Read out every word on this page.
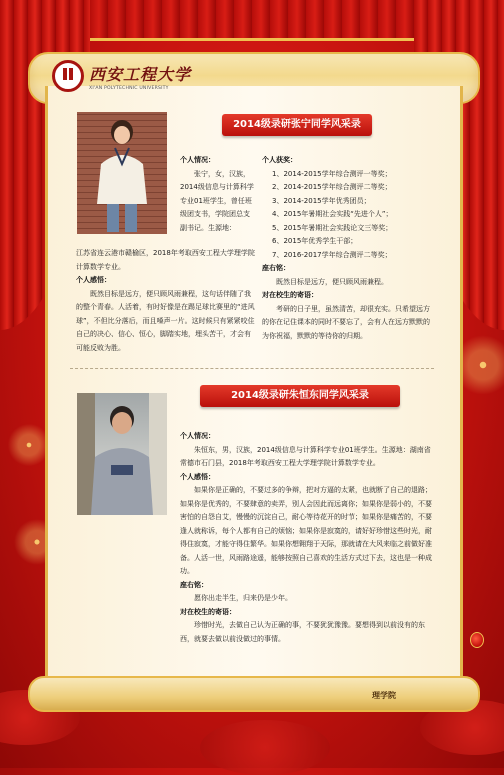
西安工程大学
XI'AN POLYTECHNIC UNIVERSITY
2014级录研张宁同学风采录

个人情况：

张宁，女，汉族，2014级信息与计算科学专业01班学生，曾任班级团支书，学院团总支副书记。生源地：

江苏省连云港市赣榆区，2018年考取西安工程大学理学院计算数学专业。

个人感悟：

既然目标是远方，便只顾风雨兼程，这句话伴随了我的整个青春。人活着，有时好像是在踢足球比赛里的“进风球”，不但比分落后，而且嗓声一片。这时候只有紧紧咬住自己的决心、信心、恒心，脚踏实地，埋头苦干，才会有可能反败为胜。

个人获奖：

1、2014-2015学年综合测评一等奖；

2、2014-2015学年综合测评二等奖；

3、2014-2015学年优秀团员；

4、2015年暑期社会实践“先进个人”；

5、2015年暑期社会实践论文三等奖；

6、2015年优秀学生干部；

7、2016-2017学年综合测评二等奖；

座右铭：

既然目标是远方，便只顾风雨兼程。

对在校生的寄语：

考研的日子里，虽然清苦，却很充实。只希望远方的你在记住课本的同时不要忘了，会有人在远方默默的为你祝福，默默的等待你的归期。

2014级录研朱恒东同学风采录

个人情况：

朱恒东，男，汉族，2014级信息与计算科学专业01班学生。生源地：湖南省常德市石门县，2018年考取西安工程大学理学院计算数学专业。

个人感悟：

如果你是正确的，不要过多的争辩，把对方逼的太紧，也就断了自己的退路；如果你是优秀的，不要肆意的卖弄，别人会因此而远离你；如果你是弱小的，不要害怕的自怨自艾，慢慢的沉淀自己，耐心等待花开的时节；如果你是痛苦的，不要逢人就称诉，每个人都有自己的烦恼；如果你是寂寞的，请好好珍惜这些时光，耐得住寂寞，才能守得住繁华。如果你想翱翔于天际，那就请在大风来临之前做好准备。人活一世，风雨路途遥，能够按照自己喜欢的生活方式过下去，这也是一种成功。

座右铭：

愿你出走半生，归来仍是少年。

对在校生的寄语：

珍惜时光，去做自己认为正确的事，不要犹犹豫豫。要想得到以前没有的东西，就要去做以前没做过的事情。

理学院
